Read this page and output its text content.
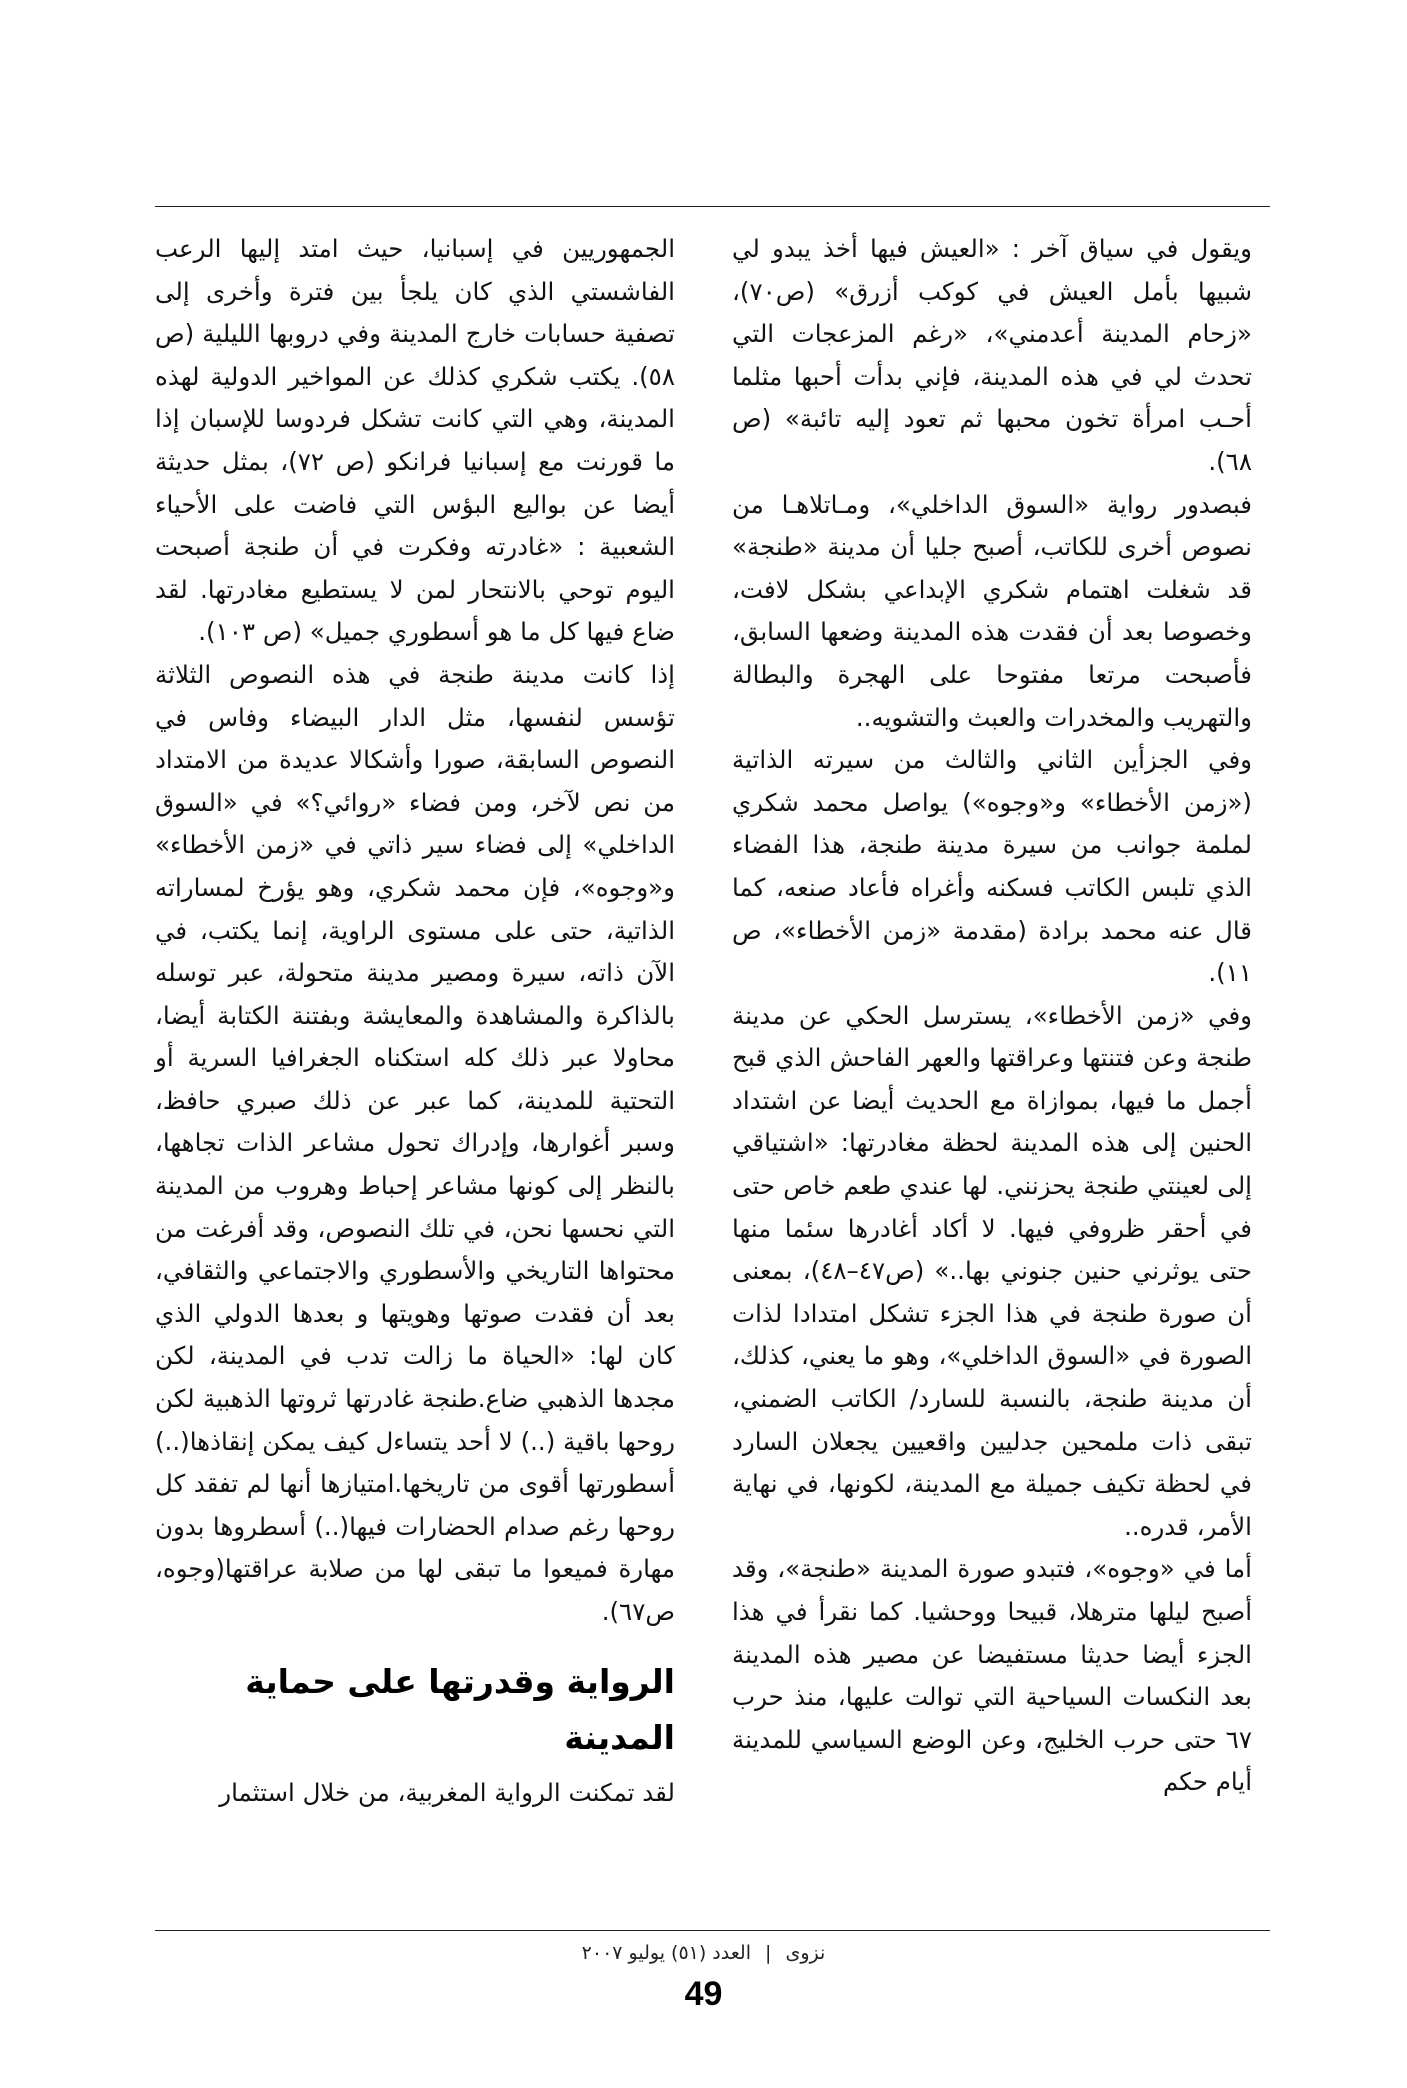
ويقول في سياق آخر : «العيش فيها أخذ يبدو لي شبيها بأمل العيش في كوكب أزرق» (ص٧٠)، «زحام المدينة أعدمني»، «رغم المزعجات التي تحدث لي في هذه المدينة، فإني بدأت أحبها مثلما أحـب امرأة تخون محبها ثم تعود إليه تائبة» (ص ٦٨).

فبصدور رواية «السوق الداخلي»، ومـاتلاهـا من نصوص أخرى للكاتب، أصبح جليا أن مدينة «طنجة» قد شغلت اهتمام شكري الإبداعي بشكل لافت، وخصوصا بعد أن فقدت هذه المدينة وضعها السابق، فأصبحت مرتعا مفتوحا على الهجرة والبطالة والتهريب والمخدرات والعبث والتشويه..

وفي الجزأين الثاني والثالث من سيرته الذاتية («زمن الأخطاء» و«وجوه») يواصل محمد شكري لملمة جوانب من سيرة مدينة طنجة، هذا الفضاء الذي تلبس الكاتب فسكنه وأغراه فأعاد صنعه، كما قال عنه محمد برادة (مقدمة «زمن الأخطاء»، ص ١١).

وفي «زمن الأخطاء»، يسترسل الحكي عن مدينة طنجة وعن فتنتها وعراقتها والعهر الفاحش الذي قبح أجمل ما فيها، بموازاة مع الحديث أيضا عن اشتداد الحنين إلى هذه المدينة لحظة مغادرتها: «اشتياقي إلى لعينتي طنجة يحزنني. لها عندي طعم خاص حتى في أحقر ظروفي فيها. لا أكاد أغادرها سئما منها حتى يوثرني حنين جنوني بها..» (ص٤٧–٤٨)، بمعنى أن صورة طنجة في هذا الجزء تشكل امتدادا لذات الصورة في «السوق الداخلي»، وهو ما يعني، كذلك، أن مدينة طنجة، بالنسبة للسارد/ الكاتب الضمني، تبقى ذات ملمحين جدليين واقعيين يجعلان السارد في لحظة تكيف جميلة مع المدينة، لكونها، في نهاية الأمر، قدره..

أما في «وجوه»، فتبدو صورة المدينة «طنجة»، وقد أصبح ليلها مترهلا، قبيحا ووحشيا. كما نقرأ في هذا الجزء أيضا حديثا مستفيضا عن مصير هذه المدينة بعد النكسات السياحية التي توالت عليها، منذ حرب ٦٧ حتى حرب الخليج، وعن الوضع السياسي للمدينة أيام حكم

الجمهوريين في إسبانيا، حيث امتد إليها الرعب الفاشستي الذي كان يلجأ بين فترة وأخرى إلى تصفية حسابات خارج المدينة وفي دروبها الليلية (ص ٥٨). يكتب شكري كذلك عن المواخير الدولية لهذه المدينة، وهي التي كانت تشكل فردوسا للإسبان إذا ما قورنت مع إسبانيا فرانكو (ص ٧٢)، بمثل حديثة أيضا عن بواليع البؤس التي فاضت على الأحياء الشعبية : «غادرته وفكرت في أن طنجة أصبحت اليوم توحي بالانتحار لمن لا يستطيع مغادرتها. لقد ضاع فيها كل ما هو أسطوري جميل» (ص ١٠٣).

إذا كانت مدينة طنجة في هذه النصوص الثلاثة تؤسس لنفسها، مثل الدار البيضاء وفاس في النصوص السابقة، صورا وأشكالا عديدة من الامتداد من نص لآخر، ومن فضاء «روائي؟» في «السوق الداخلي» إلى فضاء سير ذاتي في «زمن الأخطاء» و«وجوه»، فإن محمد شكري، وهو يؤرخ لمساراته الذاتية، حتى على مستوى الراوية، إنما يكتب، في الآن ذاته، سيرة ومصير مدينة متحولة، عبر توسله بالذاكرة والمشاهدة والمعايشة وبفتنة الكتابة أيضا، محاولا عبر ذلك كله استكناه الجغرافيا السرية أو التحتية للمدينة، كما عبر عن ذلك صبري حافظ، وسبر أغوارها، وإدراك تحول مشاعر الذات تجاهها، بالنظر إلى كونها مشاعر إحباط وهروب من المدينة التي نحسها نحن، في تلك النصوص، وقد أفرغت من محتواها التاريخي والأسطوري والاجتماعي والثقافي، بعد أن فقدت صوتها وهويتها و بعدها الدولي الذي كان لها: «الحياة ما زالت تدب في المدينة، لكن مجدها الذهبي ضاع.طنجة غادرتها ثروتها الذهبية لكن روحها باقية (..) لا أحد يتساءل كيف يمكن إنقاذها(..) أسطورتها أقوى من تاريخها.امتيازها أنها لم تفقد كل روحها رغم صدام الحضارات فيها(..) أسطروها بدون مهارة فميعوا ما تبقى لها من صلابة عراقتها(وجوه، ص٦٧).

الرواية وقدرتها على حماية المدينة

لقد تمكنت الرواية المغربية، من خلال استثمار

نزوى | العدد (٥١) يوليو ٢٠٠٧
49
